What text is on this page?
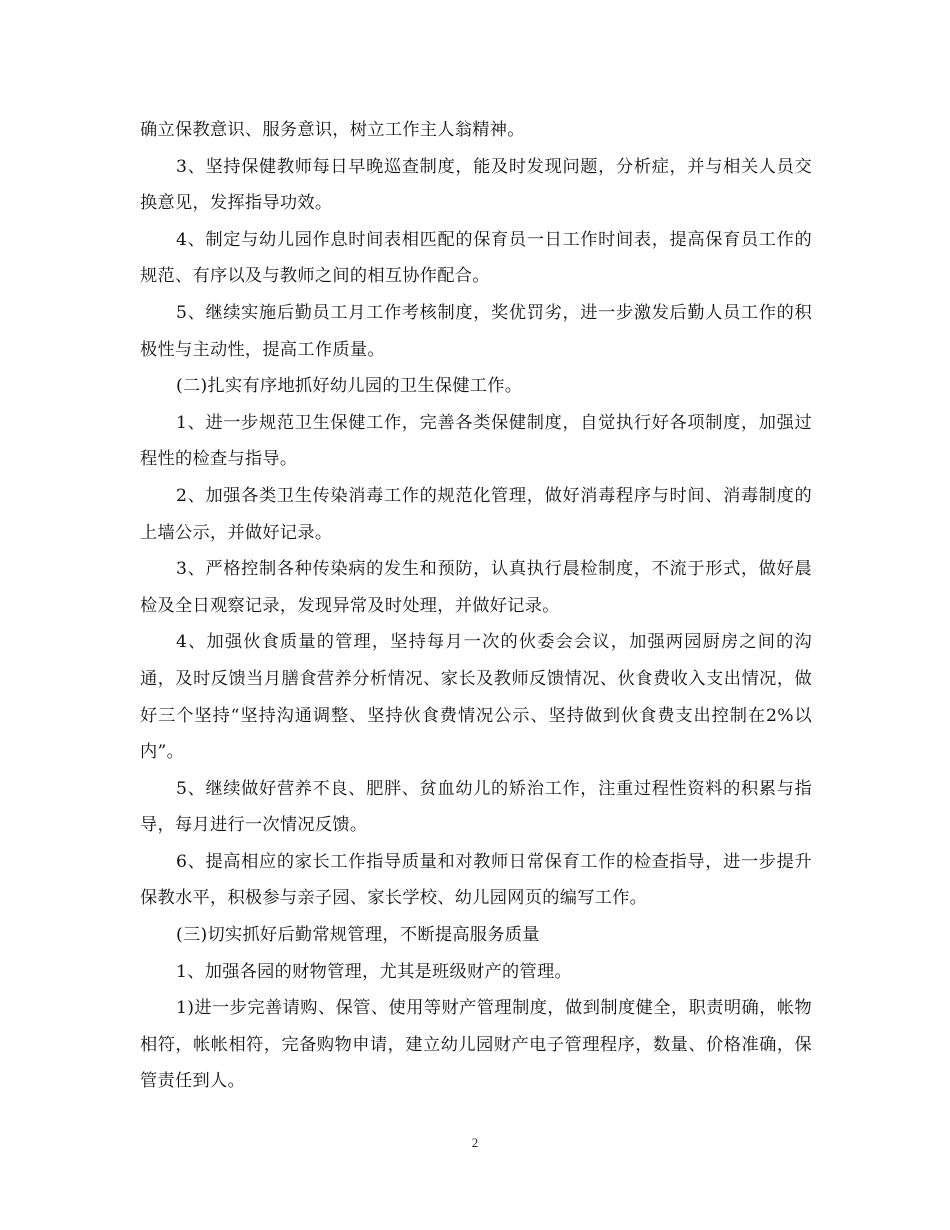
确立保教意识、服务意识，树立工作主人翁精神。

3、坚持保健教师每日早晚巡查制度，能及时发现问题，分析症，并与相关人员交换意见，发挥指导功效。

4、制定与幼儿园作息时间表相匹配的保育员一日工作时间表，提高保育员工作的规范、有序以及与教师之间的相互协作配合。

5、继续实施后勤员工月工作考核制度，奖优罚劣，进一步激发后勤人员工作的积极性与主动性，提高工作质量。

(二)扎实有序地抓好幼儿园的卫生保健工作。

1、进一步规范卫生保健工作，完善各类保健制度，自觉执行好各项制度，加强过程性的检查与指导。

2、加强各类卫生传染消毒工作的规范化管理，做好消毒程序与时间、消毒制度的上墙公示，并做好记录。

3、严格控制各种传染病的发生和预防，认真执行晨检制度，不流于形式，做好晨检及全日观察记录，发现异常及时处理，并做好记录。

4、加强伙食质量的管理，坚持每月一次的伙委会会议，加强两园厨房之间的沟通，及时反馈当月膳食营养分析情况、家长及教师反馈情况、伙食费收入支出情况，做好三个坚持“坚持沟通调整、坚持伙食费情况公示、坚持做到伙食费支出控制在2%以内”。

5、继续做好营养不良、肥胖、贫血幼儿的矫治工作，注重过程性资料的积累与指导，每月进行一次情况反馈。

6、提高相应的家长工作指导质量和对教师日常保育工作的检查指导，进一步提升保教水平，积极参与亲子园、家长学校、幼儿园网页的编写工作。

(三)切实抓好后勤常规管理，不断提高服务质量

1、加强各园的财物管理，尤其是班级财产的管理。

1)进一步完善请购、保管、使用等财产管理制度，做到制度健全，职责明确，帐物相符，帐帐相符，完备购物申请，建立幼儿园财产电子管理程序，数量、价格准确，保管责任到人。

2
